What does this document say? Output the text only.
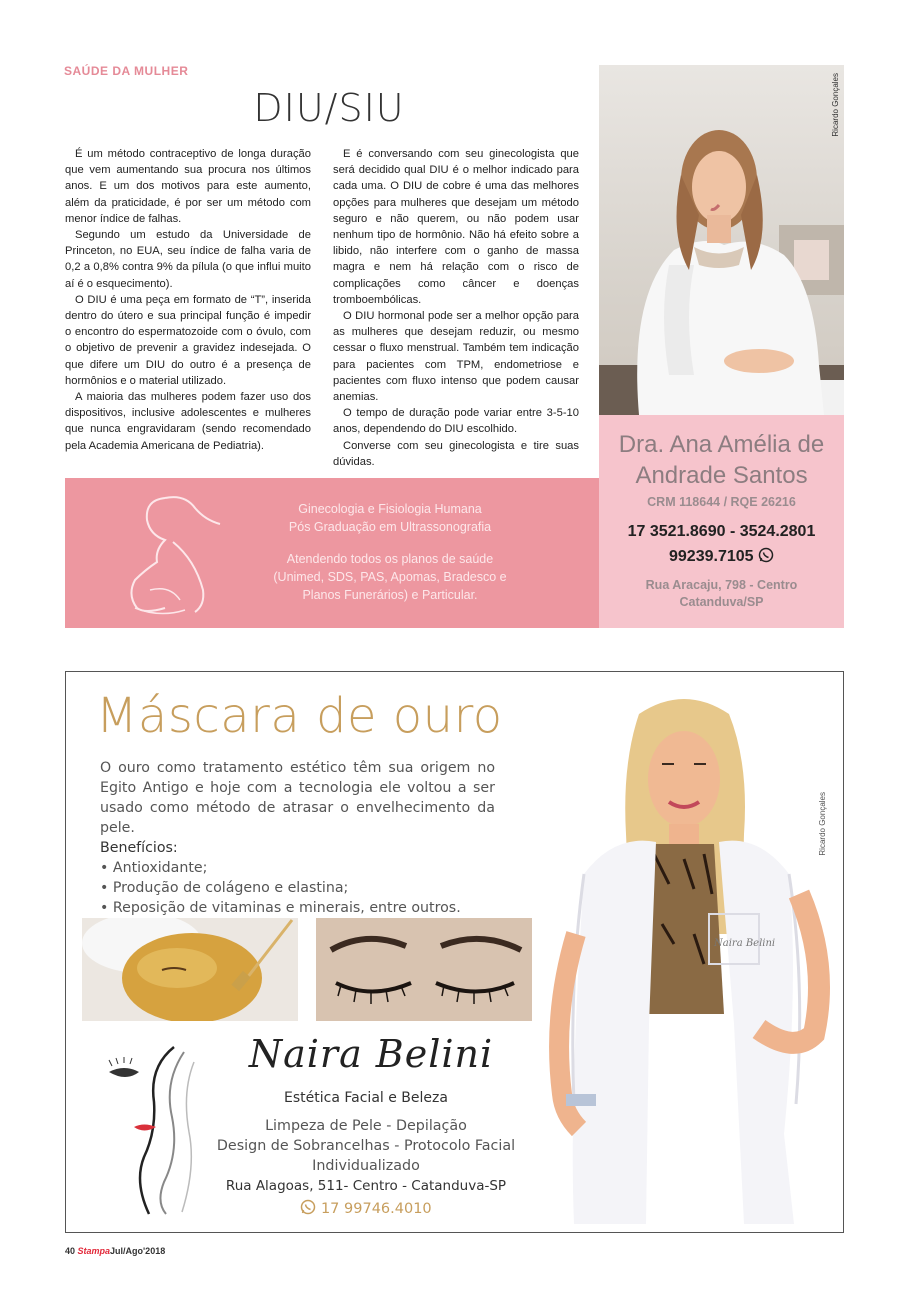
SAÚDE DA MULHER
DIU/SIU

É um método contraceptivo de longa duração que vem aumentando sua procura nos últimos anos. E um dos motivos para este aumento, além da praticidade, é por ser um método com menor índice de falhas.

Segundo um estudo da Universidade de Princeton, no EUA, seu índice de falha varia de 0,2 a 0,8% contra 9% da pílula (o que influi muito aí é o esquecimento).

O DIU é uma peça em formato de “T”, inserida dentro do útero e sua principal função é impedir o encontro do espermatozoide com o óvulo, com o objetivo de prevenir a gravidez indesejada. O que difere um DIU do outro é a presença de hormônios e o material utilizado.

A maioria das mulheres podem fazer uso dos dispositivos, inclusive adolescentes e mulheres que nunca engravidaram (sendo recomendado pela Academia Americana de Pediatria).

E é conversando com seu ginecologista que será decidido qual DIU é o melhor indicado para cada uma. O DIU de cobre é uma das melhores opções para mulheres que desejam um método seguro e não querem, ou não podem usar nenhum tipo de hormônio. Não há efeito sobre a libido, não interfere com o ganho de massa magra e nem há relação com o risco de complicações como câncer e doenças tromboembólicas.

O DIU hormonal pode ser a melhor opção para as mulheres que desejam reduzir, ou mesmo cessar o fluxo menstrual. Também tem indicação para pacientes com TPM, endometriose e pacientes com fluxo intenso que podem causar anemias.

O tempo de duração pode variar entre 3-5-10 anos, dependendo do DIU escolhido.

Converse com seu ginecologista e tire suas dúvidas.

Ricardo Gonçales
Dra. Ana Amélia de
Andrade Santos
CRM 118644 / RQE 26216
17 3521.8690 - 3524.2801
99239.7105
Rua Aracaju, 798 - Centro
Catanduva/SP
Ginecologia e Fisiologia Humana
Pós Graduação em Ultrassonografia
Atendendo todos os planos de saúde
(Unimed, SDS, PAS, Apomas, Bradesco e
Planos Funerários) e Particular.
Máscara de ouro
O ouro como tratamento estético têm sua origem no Egito Antigo e hoje com a tecnologia ele voltou a ser usado como método de atrasar o envelhecimento da pele.
Benefícios:
• Antioxidante;
• Produção de colágeno e elastina;
• Reposição de vitaminas e minerais, entre outros.
Naira Belini
Estética Facial e Beleza
Limpeza de Pele - Depilação
Design de Sobrancelhas - Protocolo Facial
Individualizado
Rua Alagoas, 511- Centro - Catanduva-SP
17 99746.4010
Naira Belini
Ricardo Gonçales
40 StampaJul/Ago'2018
